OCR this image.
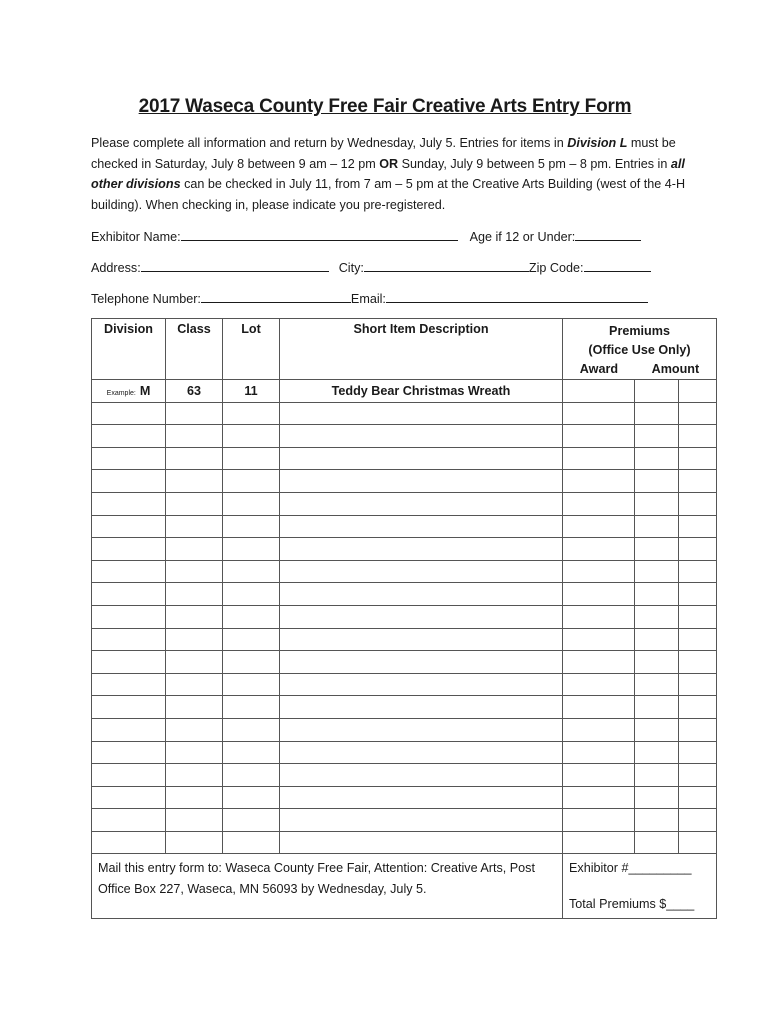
2017 Waseca County Free Fair Creative Arts Entry Form
Please complete all information and return by Wednesday, July 5. Entries for items in Division L must be checked in Saturday, July 8 between 9 am – 12 pm OR Sunday, July 9 between 5 pm – 8 pm. Entries in all other divisions can be checked in July 11, from 7 am – 5 pm at the Creative Arts Building (west of the 4-H building). When checking in, please indicate you pre-registered.
Exhibitor Name:	Age if 12 or Under:
Address:	City:	Zip Code:
Telephone Number:	Email:
Division	Class	Lot	Short Item Description	Premiums
(Office Use Only)
Award Amount		

Example: M	63	11	Teddy Bear Christmas Wreath			

Mail this entry form to: Waseca County Free Fair, Attention: Creative Arts, Post Office Box 227, Waseca, MN 56093 by Wednesday, July 5.				Exhibitor #_________
Total Premiums $____		
